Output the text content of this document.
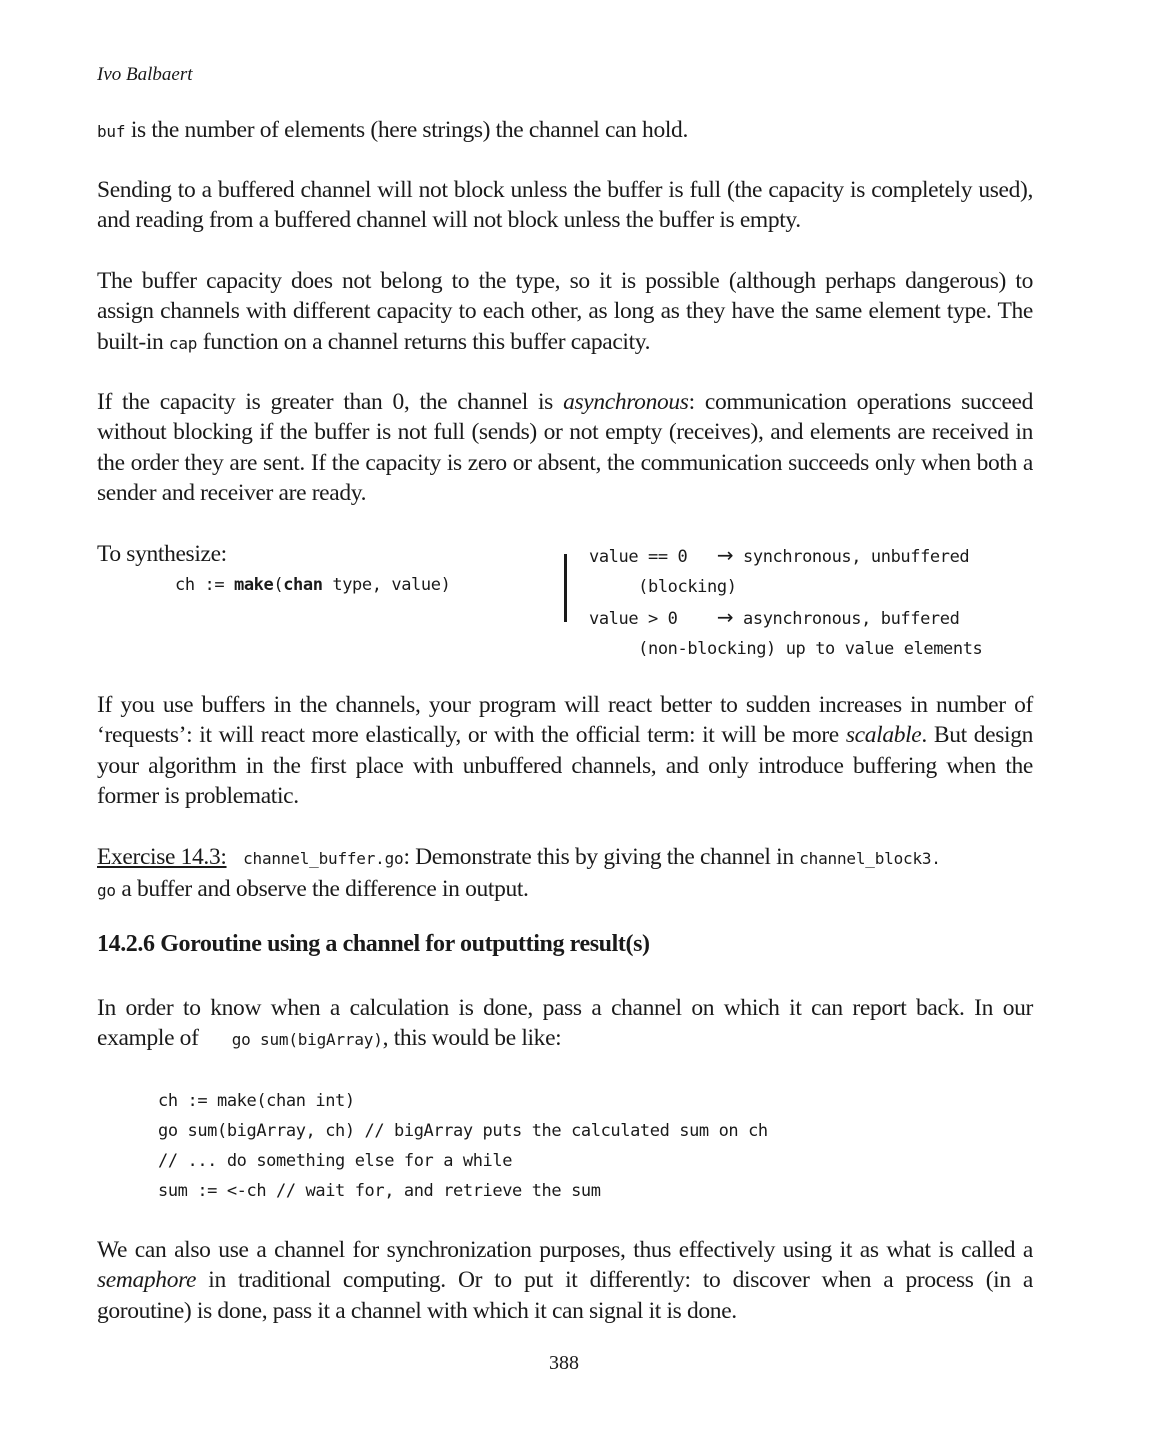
Ivo Balbaert
buf is the number of elements (here strings) the channel can hold.
Sending to a buffered channel will not block unless the buffer is full (the capacity is completely used), and reading from a buffered channel will not block unless the buffer is empty.
The buffer capacity does not belong to the type, so it is possible (although perhaps dangerous) to assign channels with different capacity to each other, as long as they have the same element type. The built-in cap function on a channel returns this buffer capacity.
If the capacity is greater than 0, the channel is asynchronous: communication operations succeed without blocking if the buffer is not full (sends) or not empty (receives), and elements are received in the order they are sent. If the capacity is zero or absent, the communication succeeds only when both a sender and receiver are ready.
To synthesize:
ch := make(chan type, value)
value == 0   → synchronous, unbuffered
(blocking)
value > 0    → asynchronous, buffered
(non-blocking) up to value elements
If you use buffers in the channels, your program will react better to sudden increases in number of ‘requests’: it will react more elastically, or with the official term: it will be more scalable. But design your algorithm in the first place with unbuffered channels, and only introduce buffering when the former is problematic.
Exercise 14.3: channel_buffer.go: Demonstrate this by giving the channel in channel_block3.
go a buffer and observe the difference in output.
14.2.6 Goroutine using a channel for outputting result(s)
In order to know when a calculation is done, pass a channel on which it can report back. In our example of      go sum(bigArray), this would be like:
ch := make(chan int)
go sum(bigArray, ch) // bigArray puts the calculated sum on ch
// ... do something else for a while
sum := <-ch // wait for, and retrieve the sum
We can also use a channel for synchronization purposes, thus effectively using it as what is called a semaphore in traditional computing. Or to put it differently: to discover when a process (in a goroutine) is done, pass it a channel with which it can signal it is done.
388
